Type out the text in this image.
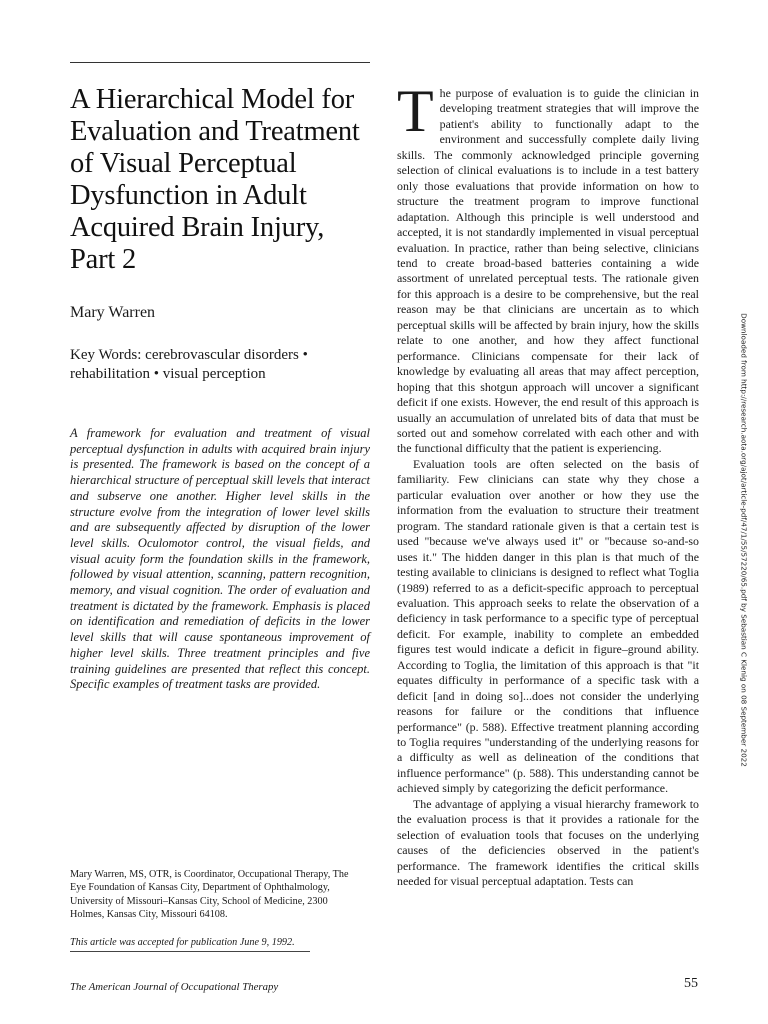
A Hierarchical Model for Evaluation and Treatment of Visual Perceptual Dysfunction in Adult Acquired Brain Injury, Part 2
Mary Warren
Key Words: cerebrovascular disorders • rehabilitation • visual perception
A framework for evaluation and treatment of visual perceptual dysfunction in adults with acquired brain injury is presented. The framework is based on the concept of a hierarchical structure of perceptual skill levels that interact and subserve one another. Higher level skills in the structure evolve from the integration of lower level skills and are subsequently affected by disruption of the lower level skills. Oculomotor control, the visual fields, and visual acuity form the foundation skills in the framework, followed by visual attention, scanning, pattern recognition, memory, and visual cognition. The order of evaluation and treatment is dictated by the framework. Emphasis is placed on identification and remediation of deficits in the lower level skills that will cause spontaneous improvement of higher level skills. Three treatment principles and five training guidelines are presented that reflect this concept. Specific examples of treatment tasks are provided.
Mary Warren, MS, OTR, is Coordinator, Occupational Therapy, The Eye Foundation of Kansas City, Department of Ophthalmology, University of Missouri–Kansas City, School of Medicine, 2300 Holmes, Kansas City, Missouri 64108.
This article was accepted for publication June 9, 1992.

The purpose of evaluation is to guide the clinician in developing treatment strategies that will improve the patient's ability to functionally adapt to the environment and successfully complete daily living skills. The commonly acknowledged principle governing selection of clinical evaluations is to include in a test battery only those evaluations that provide information on how to structure the treatment program to improve functional adaptation. Although this principle is well understood and accepted, it is not standardly implemented in visual perceptual evaluation. In practice, rather than being selective, clinicians tend to create broad-based batteries containing a wide assortment of unrelated perceptual tests. The rationale given for this approach is a desire to be comprehensive, but the real reason may be that clinicians are uncertain as to which perceptual skills will be affected by brain injury, how the skills relate to one another, and how they affect functional performance. Clinicians compensate for their lack of knowledge by evaluating all areas that may affect perception, hoping that this shotgun approach will uncover a significant deficit if one exists. However, the end result of this approach is usually an accumulation of unrelated bits of data that must be sorted out and somehow correlated with each other and with the functional difficulty that the patient is experiencing.

Evaluation tools are often selected on the basis of familiarity. Few clinicians can state why they chose a particular evaluation over another or how they use the information from the evaluation to structure their treatment program. The standard rationale given is that a certain test is used "because we've always used it" or "because so-and-so uses it." The hidden danger in this plan is that much of the testing available to clinicians is designed to reflect what Toglia (1989) referred to as a deficit-specific approach to perceptual evaluation. This approach seeks to relate the observation of a deficiency in task performance to a specific type of perceptual deficit. For example, inability to complete an embedded figures test would indicate a deficit in figure–ground ability. According to Toglia, the limitation of this approach is that "it equates difficulty in performance of a specific task with a deficit [and in doing so]...does not consider the underlying reasons for failure or the conditions that influence performance" (p. 588). Effective treatment planning according to Toglia requires "understanding of the underlying reasons for a difficulty as well as delineation of the conditions that influence performance" (p. 588). This understanding cannot be achieved simply by categorizing the deficit performance.

The advantage of applying a visual hierarchy framework to the evaluation process is that it provides a rationale for the selection of evaluation tools that focuses on the underlying causes of the deficiencies observed in the patient's performance. The framework identifies the critical skills needed for visual perceptual adaptation. Tests can

The American Journal of Occupational Therapy	55
Downloaded from http://research.aota.org/ajot/article-pdf/47/1/55/57220/65.pdf by Sebastian C Klenig on 08 September 2022
